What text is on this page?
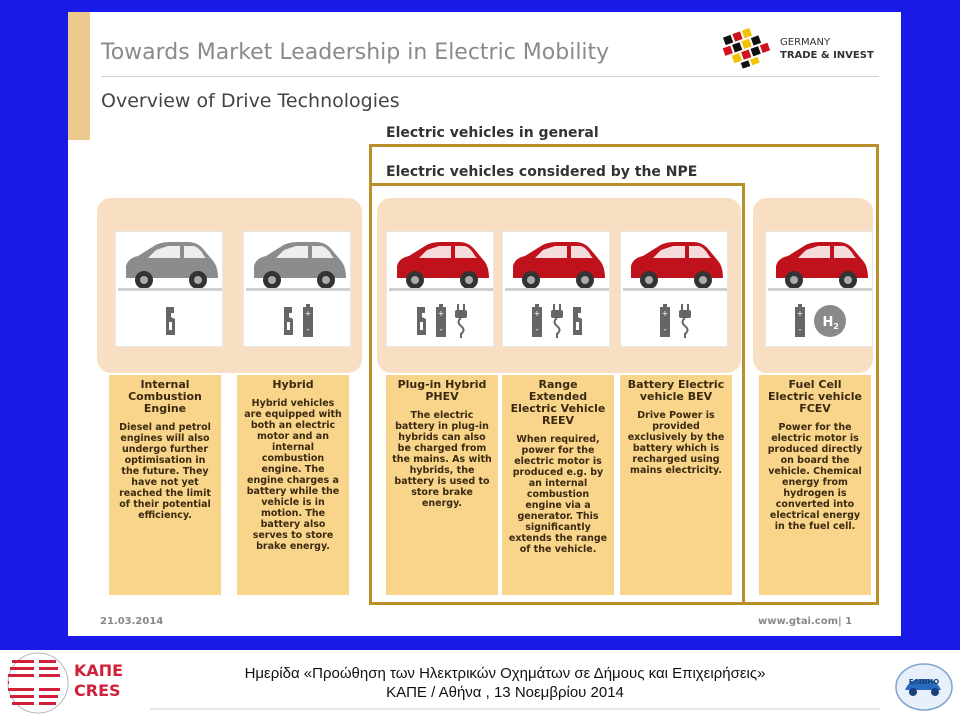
Towards Market Leadership in Electric Mobility
Overview of Drive Technologies
GERMANY
TRADE & INVEST
Electric vehicles in general
Electric vehicles considered by the NPE
Internal Combustion Engine
Diesel and petrol engines will also undergo further optimisation in the future. They have not yet reached the limit of their potential efficiency.
+
-
Hybrid
Hybrid vehicles are equipped with both an electric motor and an internal combustion engine. The engine charges a battery while the vehicle is in motion. The battery also serves to store brake energy.
+
-
Plug-in Hybrid PHEV
The electric battery in plug-in hybrids can also be charged from the mains. As with hybrids, the battery is used to store brake energy.
+
-
Range Extended Electric Vehicle REEV
When required, power for the electric motor is produced e.g. by an internal combustion engine via a generator. This significantly extends the range of the vehicle.
+
-
Battery Electric vehicle BEV
Drive Power is provided exclusively by the battery which is recharged using mains electricity.
+
- H 2
Fuel Cell Electric vehicle FCEV
Power for the electric motor is produced directly on board the vehicle. Chemical energy from hydrogen is converted into electrical energy in the fuel cell.
21.03.2014	www.gtai.com| 1
ΚΑΠΕ
CRES
Ημερίδα «Προώθηση των Ηλεκτρικών Οχημάτων σε Δήμους και Επιχειρήσεις»
ΚΑΠΕ / Αθήνα , 13 Νοεμβρίου 2014
ΕΛΙΝΗΟ
